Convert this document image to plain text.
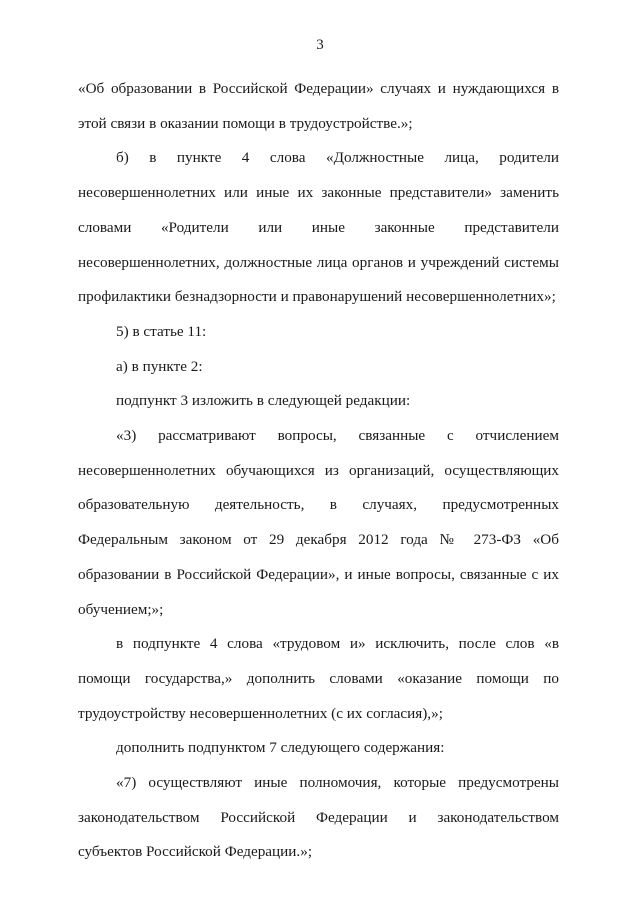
3

«Об образовании в Российской Федерации» случаях и нуждающихся в этой связи в оказании помощи в трудоустройстве.»;

б) в пункте 4 слова «Должностные лица, родители несовершеннолетних или иные их законные представители» заменить словами «Родители или иные законные представители несовершеннолетних, должностные лица органов и учреждений системы профилактики безнадзорности и правонарушений несовершеннолетних»;

5) в статье 11:

а) в пункте 2:

подпункт 3 изложить в следующей редакции:

«3) рассматривают вопросы, связанные с отчислением несовершеннолетних обучающихся из организаций, осуществляющих образовательную деятельность, в случаях, предусмотренных Федеральным законом от 29 декабря 2012 года № 273-ФЗ «Об образовании в Российской Федерации», и иные вопросы, связанные с их обучением;»;

в подпункте 4 слова «трудовом и» исключить, после слов «в помощи государства,» дополнить словами «оказание помощи по трудоустройству несовершеннолетних (с их согласия),»;

дополнить подпунктом 7 следующего содержания:

«7) осуществляют иные полномочия, которые предусмотрены законодательством Российской Федерации и законодательством субъектов Российской Федерации.»;
